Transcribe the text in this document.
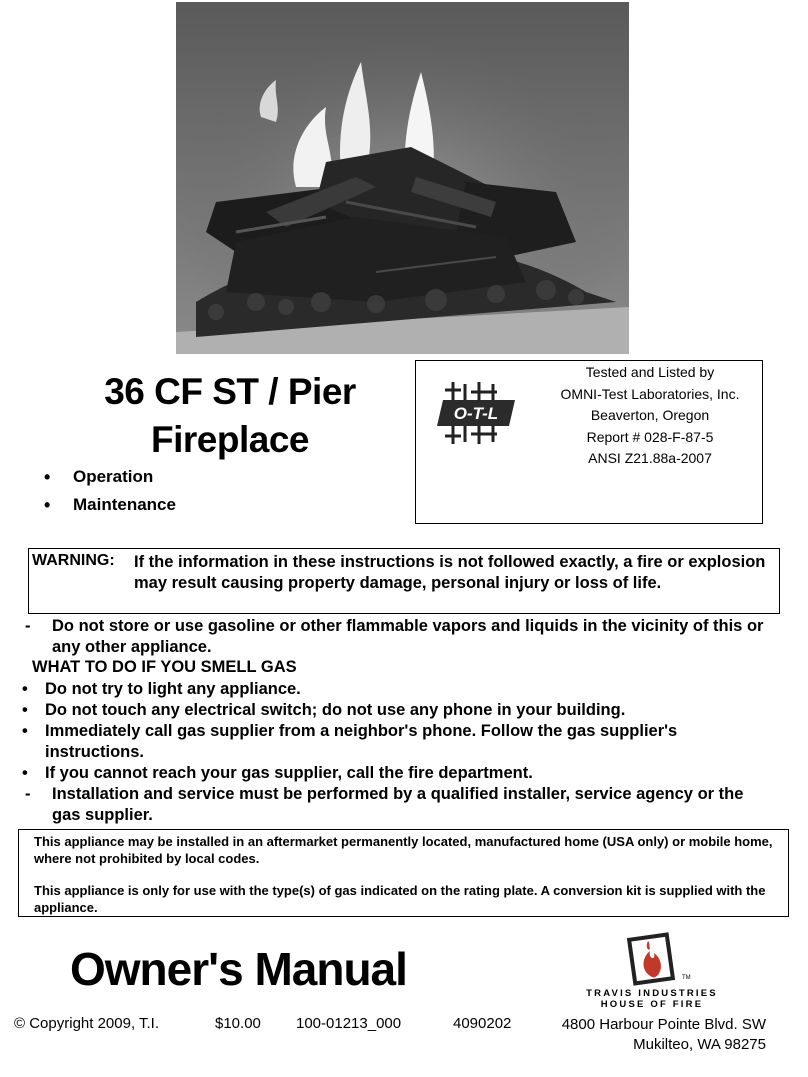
36 CF ST / Pier
Fireplace
•	Operation
•	Maintenance
O-T-L
Tested and Listed by
OMNI-Test Laboratories, Inc.
Beaverton, Oregon
Report # 028-F-87-5
ANSI Z21.88a-2007
WARNING: If the information in these instructions is not followed exactly, a fire or explosion may result causing property damage, personal injury or loss of life.
- Do not store or use gasoline or other flammable vapors and liquids in the vicinity of this or any other appliance.
WHAT TO DO IF YOU SMELL GAS
• Do not try to light any appliance.
• Do not touch any electrical switch; do not use any phone in your building.
• Immediately call gas supplier from a neighbor's phone. Follow the gas supplier's instructions.
• If you cannot reach your gas supplier, call the fire department.
- Installation and service must be performed by a qualified installer, service agency or the gas supplier.
This appliance may be installed in an aftermarket permanently located, manufactured home (USA only) or mobile home, where not prohibited by local codes.
This appliance is only for use with the type(s) of gas indicated on the rating plate. A conversion kit is supplied with the appliance.
Owner's Manual	TM
TRAVIS INDUSTRIES
HOUSE OF FIRE
© Copyright 2009, T.I.	$10.00 100-01213_000	4090202	4800 Harbour Pointe Blvd. SW
Mukilteo, WA 98275
